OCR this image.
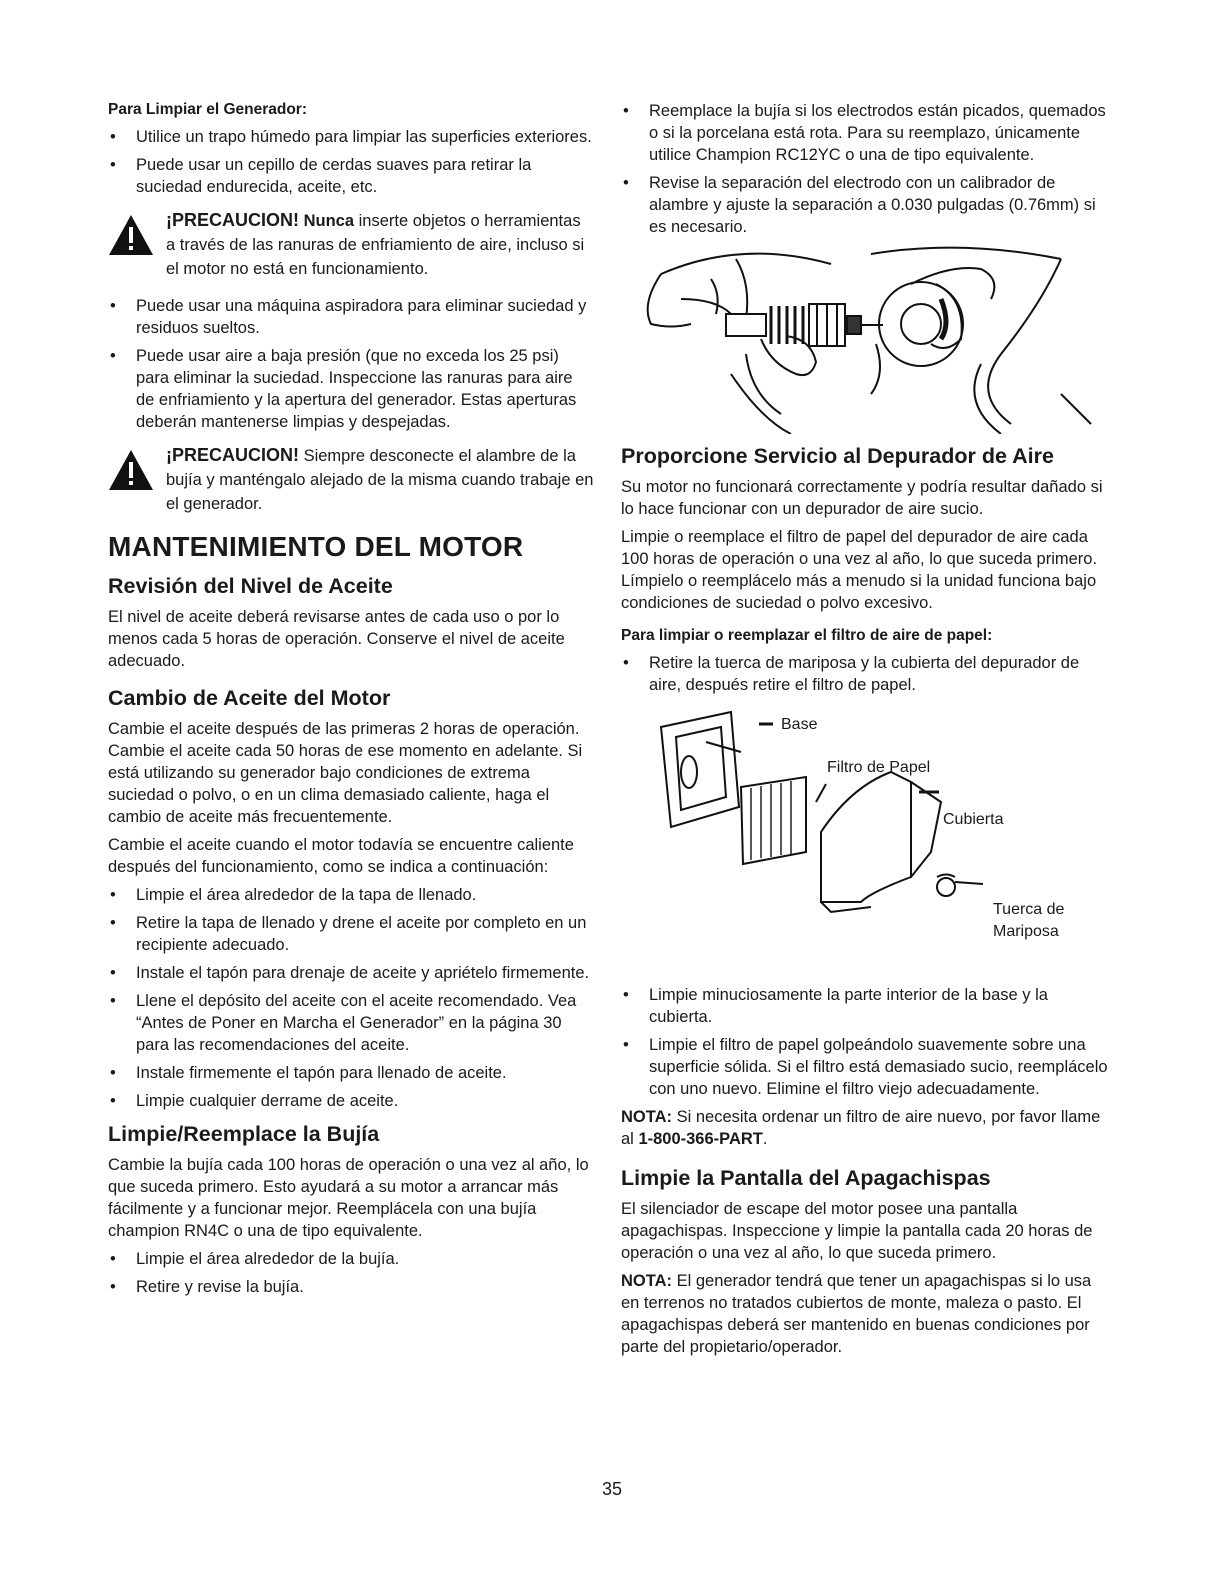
Para Limpiar el Generador:
• Utilice un trapo húmedo para limpiar las superficies exteriores.
• Puede usar un cepillo de cerdas suaves para retirar la suciedad endurecida, aceite, etc.
¡PRECAUCION! Nunca inserte objetos o herramientas a través de las ranuras de enfriamiento de aire, incluso si el motor no está en funcionamiento.
• Puede usar una máquina aspiradora para eliminar suciedad y residuos sueltos.
• Puede usar aire a baja presión (que no exceda los 25 psi) para eliminar la suciedad. Inspeccione las ranuras para aire de enfriamiento y la apertura del generador. Estas aperturas deberán mantenerse limpias y despejadas.
¡PRECAUCION! Siempre desconecte el alambre de la bujía y manténgalo alejado de la misma cuando trabaje en el generador.
MANTENIMIENTO DEL MOTOR
Revisión del Nivel de Aceite

El nivel de aceite deberá revisarse antes de cada uso o por lo menos cada 5 horas de operación. Conserve el nivel de aceite adecuado.

Cambio de Aceite del Motor

Cambie el aceite después de las primeras 2 horas de operación. Cambie el aceite cada 50 horas de ese momento en adelante. Si está utilizando su generador bajo condiciones de extrema suciedad o polvo, o en un clima demasiado caliente, haga el cambio de aceite más frecuentemente.

Cambie el aceite cuando el motor todavía se encuentre caliente después del funcionamiento, como se indica a continuación:

• Limpie el área alrededor de la tapa de llenado.
• Retire la tapa de llenado y drene el aceite por completo en un recipiente adecuado.
• Instale el tapón para drenaje de aceite y apriételo firmemente.
• Llene el depósito del aceite con el aceite recomendado. Vea “Antes de Poner en Marcha el Generador” en la página 30 para las recomendaciones del aceite.
• Instale firmemente el tapón para llenado de aceite.
• Limpie cualquier derrame de aceite.
Limpie/Reemplace la Bujía

Cambie la bujía cada 100 horas de operación o una vez al año, lo que suceda primero. Esto ayudará a su motor a arrancar más fácilmente y a funcionar mejor. Reemplácela con una bujía champion RN4C o una de tipo equivalente.

• Limpie el área alrededor de la bujía.
• Retire y revise la bujía.
• Reemplace la bujía si los electrodos están picados, quemados o si la porcelana está rota. Para su reemplazo, únicamente utilice Champion RC12YC o una de tipo equivalente.
• Revise la separación del electrodo con un calibrador de alambre y ajuste la separación a 0.030 pulgadas (0.76mm) si es necesario.
Proporcione Servicio al Depurador de Aire

Su motor no funcionará correctamente y podría resultar dañado si lo hace funcionar con un depurador de aire sucio.

Limpie o reemplace el filtro de papel del depurador de aire cada 100 horas de operación o una vez al año, lo que suceda primero. Límpielo o reemplácelo más a menudo si la unidad funciona bajo condiciones de suciedad o polvo excesivo.

Para limpiar o reemplazar el filtro de aire de papel:
• Retire la tuerca de mariposa y la cubierta del depurador de aire, después retire el filtro de papel.
Base
Filtro de Papel
Cubierta
Tuerca de
Mariposa
• Limpie minuciosamente la parte interior de la base y la cubierta.
• Limpie el filtro de papel golpeándolo suavemente sobre una superficie sólida. Si el filtro está demasiado sucio, reemplácelo con uno nuevo. Elimine el filtro viejo adecuadamente.

NOTA: Si necesita ordenar un filtro de aire nuevo, por favor llame al 1-800-366-PART.

Limpie la Pantalla del Apagachispas

El silenciador de escape del motor posee una pantalla apagachispas. Inspeccione y limpie la pantalla cada 20 horas de operación o una vez al año, lo que suceda primero.

NOTA: El generador tendrá que tener un apagachispas si lo usa en terrenos no tratados cubiertos de monte, maleza o pasto. El apagachispas deberá ser mantenido en buenas condiciones por parte del propietario/operador.

35
